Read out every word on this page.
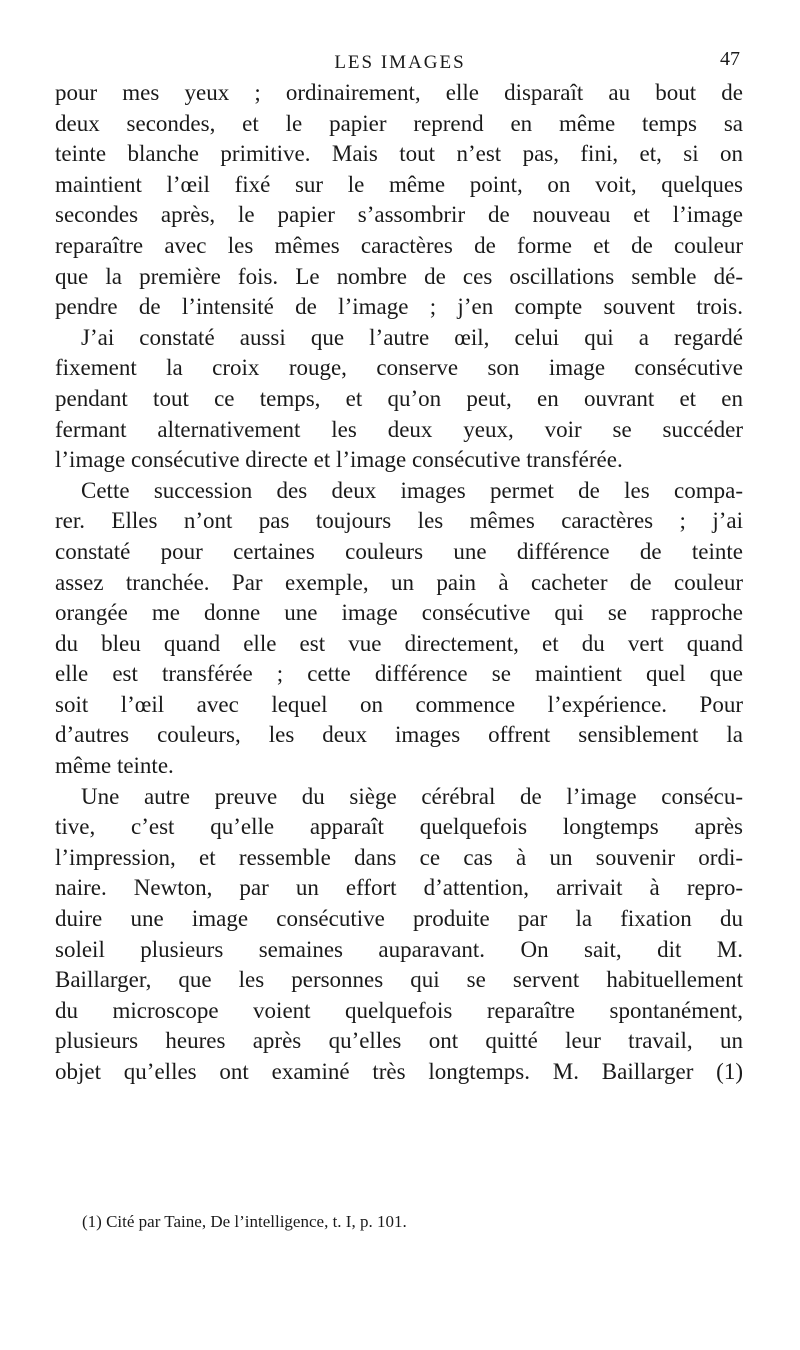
LES IMAGES	47
pour mes yeux ; ordinairement, elle disparaît au bout de
deux secondes, et le papier reprend en même temps sa
teinte blanche primitive. Mais tout n’est pas, fini, et, si on
maintient l’œil fixé sur le même point, on voit, quelques
secondes après, le papier s’assombrir de nouveau et l’image
reparaître avec les mêmes caractères de forme et de couleur
que la première fois. Le nombre de ces oscillations semble dé-
pendre de l’intensité de l’image ; j’en compte souvent trois.
J’ai constaté aussi que l’autre œil, celui qui a regardé
fixement la croix rouge, conserve son image consécutive
pendant tout ce temps, et qu’on peut, en ouvrant et en
fermant alternativement les deux yeux, voir se succéder
l’image consécutive directe et l’image consécutive transférée.
Cette succession des deux images permet de les compa-
rer. Elles n’ont pas toujours les mêmes caractères ; j’ai
constaté pour certaines couleurs une différence de teinte
assez tranchée. Par exemple, un pain à cacheter de couleur
orangée me donne une image consécutive qui se rapproche
du bleu quand elle est vue directement, et du vert quand
elle est transférée ; cette différence se maintient quel que
soit l’œil avec lequel on commence l’expérience. Pour
d’autres couleurs, les deux images offrent sensiblement la
même teinte.
Une autre preuve du siège cérébral de l’image consécu-
tive, c’est qu’elle apparaît quelquefois longtemps après
l’impression, et ressemble dans ce cas à un souvenir ordi-
naire. Newton, par un effort d’attention, arrivait à repro-
duire une image consécutive produite par la fixation du
soleil plusieurs semaines auparavant. On sait, dit M.
Baillarger, que les personnes qui se servent habituellement
du microscope voient quelquefois reparaître spontanément,
plusieurs heures après qu’elles ont quitté leur travail, un
objet qu’elles ont examiné très longtemps. M. Baillarger (1)
(1) Cité par Taine, De l’intelligence, t. I, p. 101.
